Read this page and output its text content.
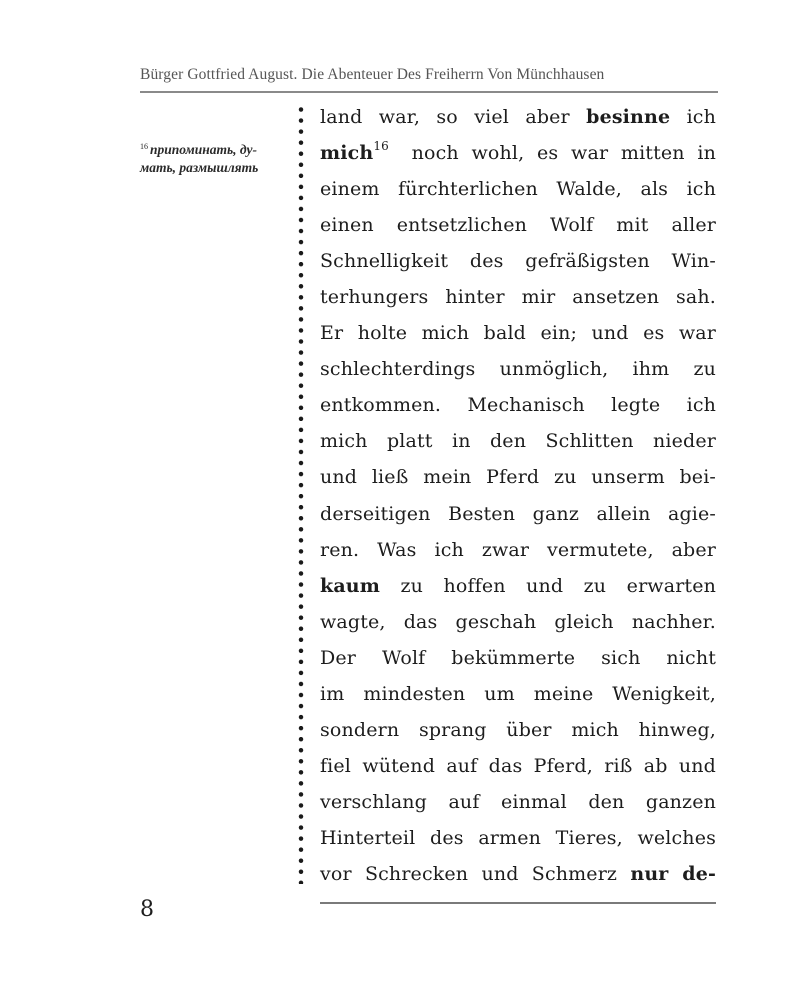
Bürger Gottfried August. Die Abenteuer Des Freiherrn Von Münchhausen
$^{16}$ припоминать, ду-мать, размышлять
land war, so viel aber besinne ich
mich$^{16}$ noch wohl, es war mitten in
einem fürchterlichen Walde, als ich
einen entsetzlichen Wolf mit aller
Schnelligkeit des gefräßigsten Win-
terhungers hinter mir ansetzen sah.
Er holte mich bald ein; und es war
schlechterdings unmöglich, ihm zu
entkommen. Mechanisch legte ich
mich platt in den Schlitten nieder
und ließ mein Pferd zu unserm bei-
derseitigen Besten ganz allein agie-
ren. Was ich zwar vermutete, aber
kaum zu hoffen und zu erwarten
wagte, das geschah gleich nachher.
Der Wolf bekümmerte sich nicht
im mindesten um meine Wenigkeit,
sondern sprang über mich hinweg,
fiel wütend auf das Pferd, riß ab und
verschlang auf einmal den ganzen
Hinterteil des armen Tieres, welches
vor Schrecken und Schmerz nur de-
8
